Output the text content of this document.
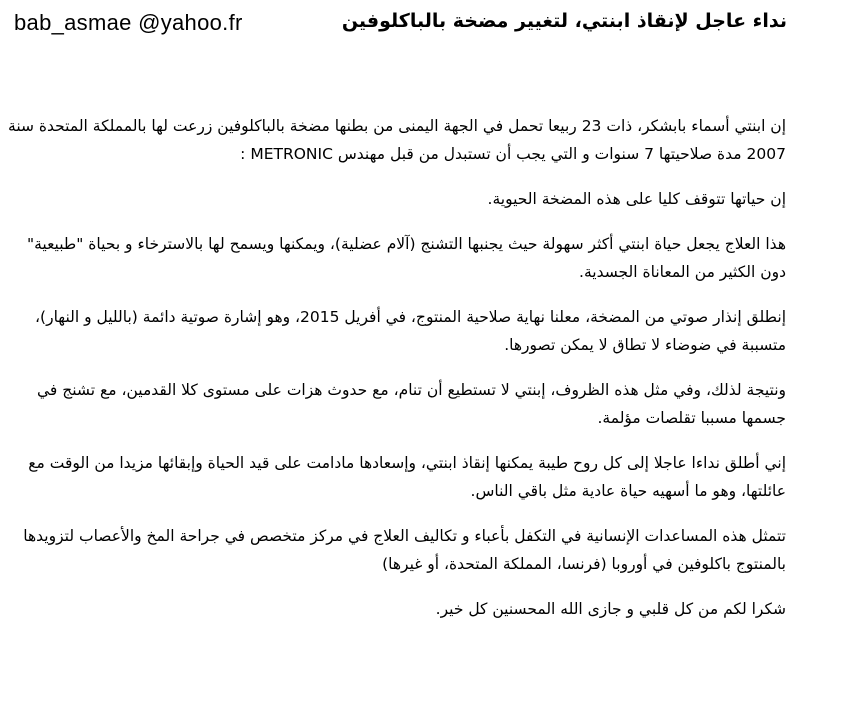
bab_asmae @yahoo.fr	نداء عاجل لإنقاذ ابنتي، لتغيير مضخة بالباكلوفين

إن ابنتي أسماء بابشكر، ذات 23 ربيعا تحمل في الجهة اليمنى من بطنها مضخة بالباكلوفين زرعت لها بالمملكة المتحدة سنة 2007 مدة صلاحيتها 7 سنوات و التي يجب أن تستبدل من قبل مهندس METRONIC :

إن حياتها تتوقف كليا على هذه المضخة الحيوية.

هذا العلاج يجعل حياة ابنتي أكثر سهولة حيث يجنبها التشنج (آلام عضلية)، ويمكنها ويسمح لها بالاسترخاء و بحياة "طبيعية" دون الكثير من المعاناة الجسدية.

إنطلق إنذار صوتي من المضخة، معلنا نهاية صلاحية المنتوج، في أفريل 2015، وهو إشارة صوتية دائمة (بالليل و النهار)، متسببة في ضوضاء لا تطاق لا يمكن تصورها.

ونتيجة لذلك، وفي مثل هذه الظروف، إبنتي لا تستطيع أن تنام، مع حدوث هزات على مستوى كلا القدمين، مع تشنج في جسمها مسببا تقلصات مؤلمة.

إني أطلق نداءا عاجلا إلى كل روح طيبة يمكنها إنقاذ ابنتي، وإسعادها مادامت على قيد الحياة وإبقائها مزيدا من الوقت مع عائلتها، وهو ما أسهيه حياة عادية مثل باقي الناس.

تتمثل هذه المساعدات الإنسانية في التكفل بأعباء و تكاليف العلاج في مركز متخصص في جراحة المخ والأعصاب لتزويدها بالمنتوج باكلوفين في أوروبا (فرنسا، المملكة المتحدة، أو غيرها)

شكرا لكم من كل قلبي و جازى الله المحسنين كل خير.
